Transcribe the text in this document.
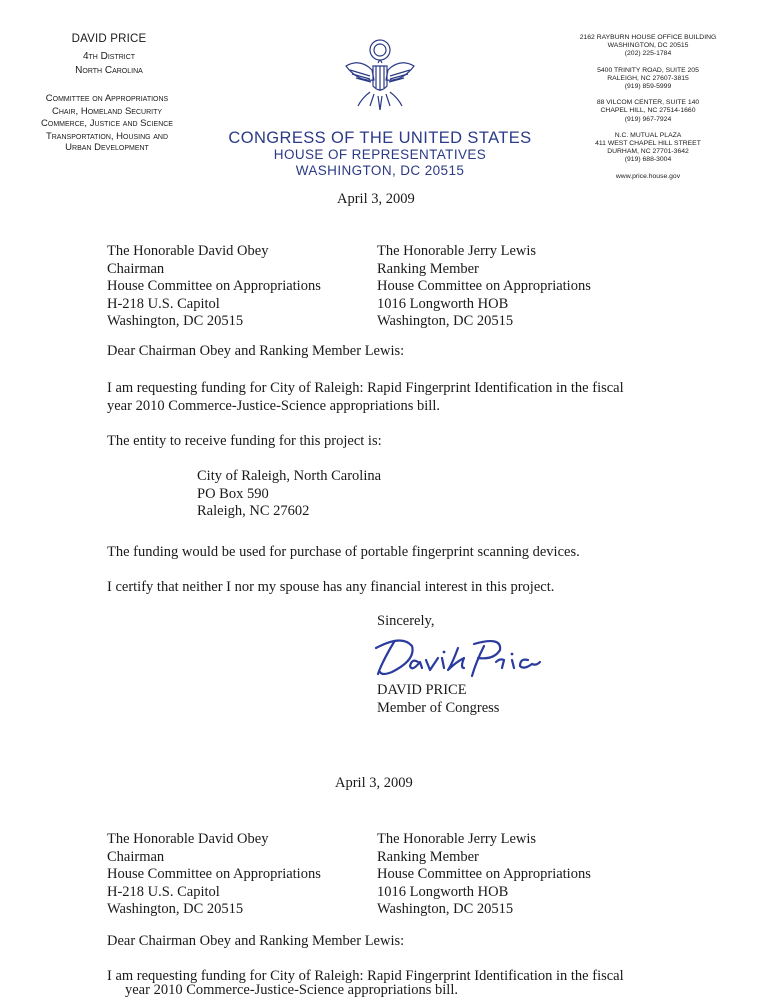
DAVID PRICE
4th District
North Carolina
Committee on Appropriations
Chair, Homeland Security
Commerce, Justice and Science
Transportation, Housing and
Urban Development
CONGRESS OF THE UNITED STATES
HOUSE OF REPRESENTATIVES
WASHINGTON, DC 20515
2162 RAYBURN HOUSE OFFICE BUILDING
WASHINGTON, DC 20515
(202) 225-1784
5400 TRINITY ROAD, SUITE 205
RALEIGH, NC 27607-3815
(919) 859-5999
88 VILCOM CENTER, SUITE 140
CHAPEL HILL, NC 27514-1660
(919) 967-7924
N.C. MUTUAL PLAZA
411 WEST CHAPEL HILL STREET
DURHAM, NC 27701-3642
(919) 688-3004
www.price.house.gov
April 3, 2009
The Honorable David Obey
Chairman
House Committee on Appropriations
H-218 U.S. Capitol
Washington, DC 20515
The Honorable Jerry Lewis
Ranking Member
House Committee on Appropriations
1016 Longworth HOB
Washington, DC 20515
Dear Chairman Obey and Ranking Member Lewis:
I am requesting funding for City of Raleigh: Rapid Fingerprint Identification in the fiscal
year 2010 Commerce-Justice-Science appropriations bill.
The entity to receive funding for this project is:
City of Raleigh, North Carolina
PO Box 590
Raleigh, NC 27602
The funding would be used for purchase of portable fingerprint scanning devices.
I certify that neither I nor my spouse has any financial interest in this project.
Sincerely,
DAVID PRICE
Member of Congress
April 3, 2009
The Honorable David Obey
Chairman
House Committee on Appropriations
H-218 U.S. Capitol
Washington, DC 20515
The Honorable Jerry Lewis
Ranking Member
House Committee on Appropriations
1016 Longworth HOB
Washington, DC 20515
Dear Chairman Obey and Ranking Member Lewis:
I am requesting funding for City of Raleigh: Rapid Fingerprint Identification in the fiscal
year 2010 Commerce-Justice-Science appropriations bill.
